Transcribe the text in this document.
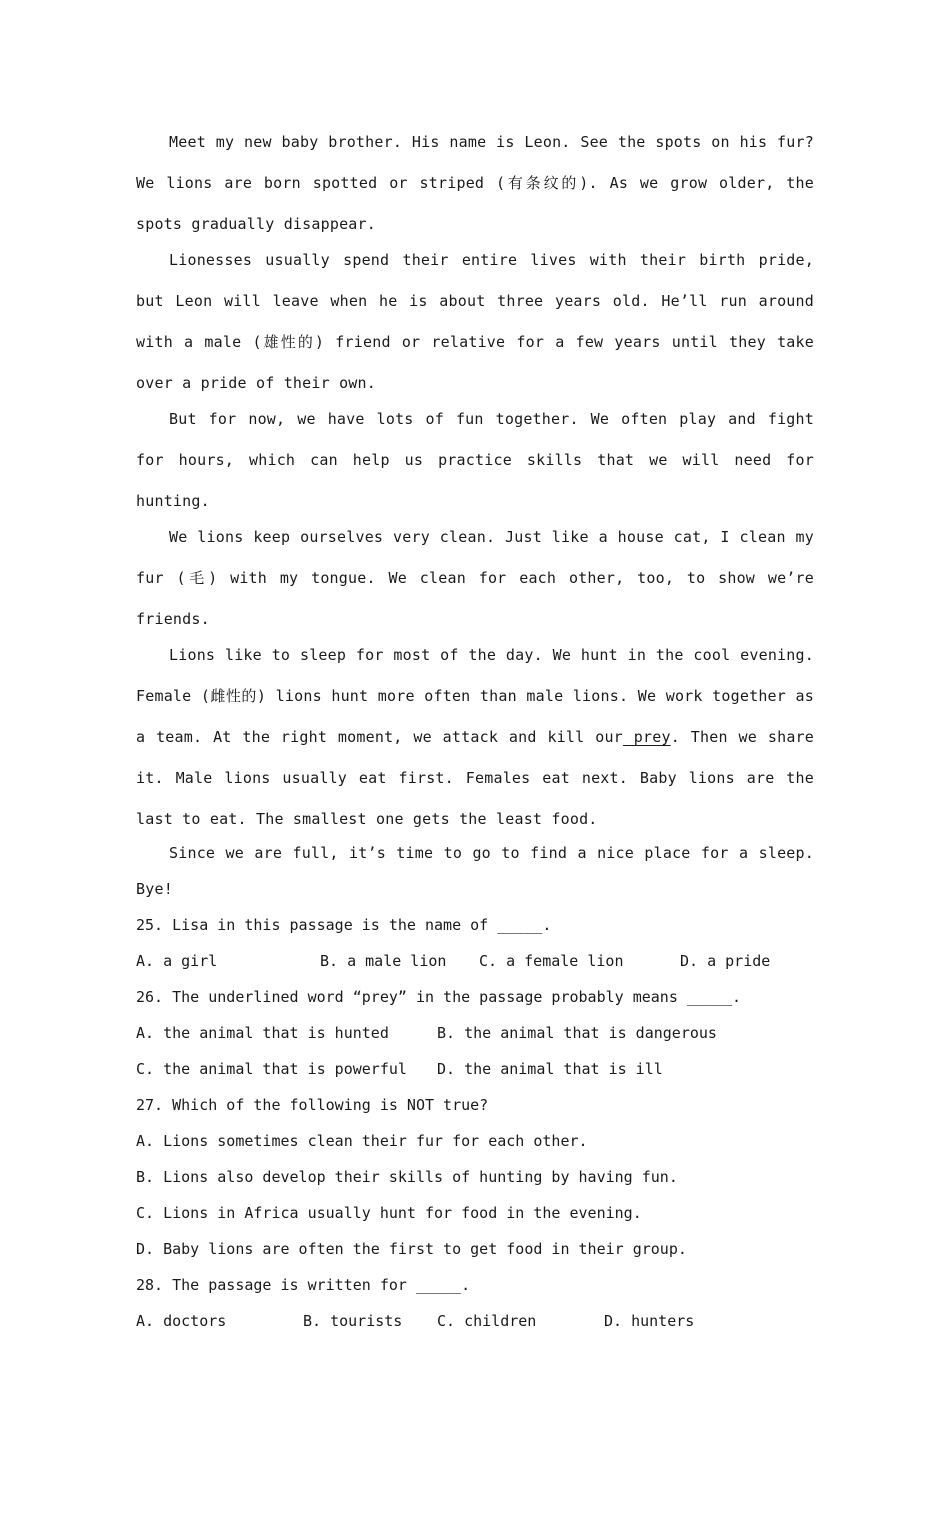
Meet my new baby brother. His name is Leon. See the spots on his fur? We lions are born spotted or striped (有条纹的). As we grow older, the spots gradually disappear.

Lionesses usually spend their entire lives with their birth pride, but Leon will leave when he is about three years old. He’ll run around with a male (雄性的) friend or relative for a few years until they take over a pride of their own.

But for now, we have lots of fun together. We often play and fight for hours, which can help us practice skills that we will need for hunting.

We lions keep ourselves very clean. Just like a house cat, I clean my fur (毛) with my tongue. We clean for each other, too, to show we’re friends.

Lions like to sleep for most of the day. We hunt in the cool evening. Female (雌性的) lions hunt more often than male lions. We work together as a team. At the right moment, we attack and kill our prey. Then we share it. Male lions usually eat first. Females eat next. Baby lions are the last to eat. The smallest one gets the least food.

Since we are full, it’s time to go to find a nice place for a sleep. Bye!

25. Lisa in this passage is the name of _____.

A. a girl

	B. a male lion

C. a female lion

	D. a pride

26. The underlined word “prey” in the passage probably means _____.

A. the animal that is hunted

	B. the animal that is dangerous

C. the animal that is powerful

D. the animal that is ill

27. Which of the following is NOT true?
A. Lions sometimes clean their fur for each other.
B. Lions also develop their skills of hunting by having fun.
C. Lions in Africa usually hunt for food in the evening.
D. Baby lions are often the first to get food in their group.
28. The passage is written for _____.

A. doctors

	B. tourists

C. children

	D. hunters
